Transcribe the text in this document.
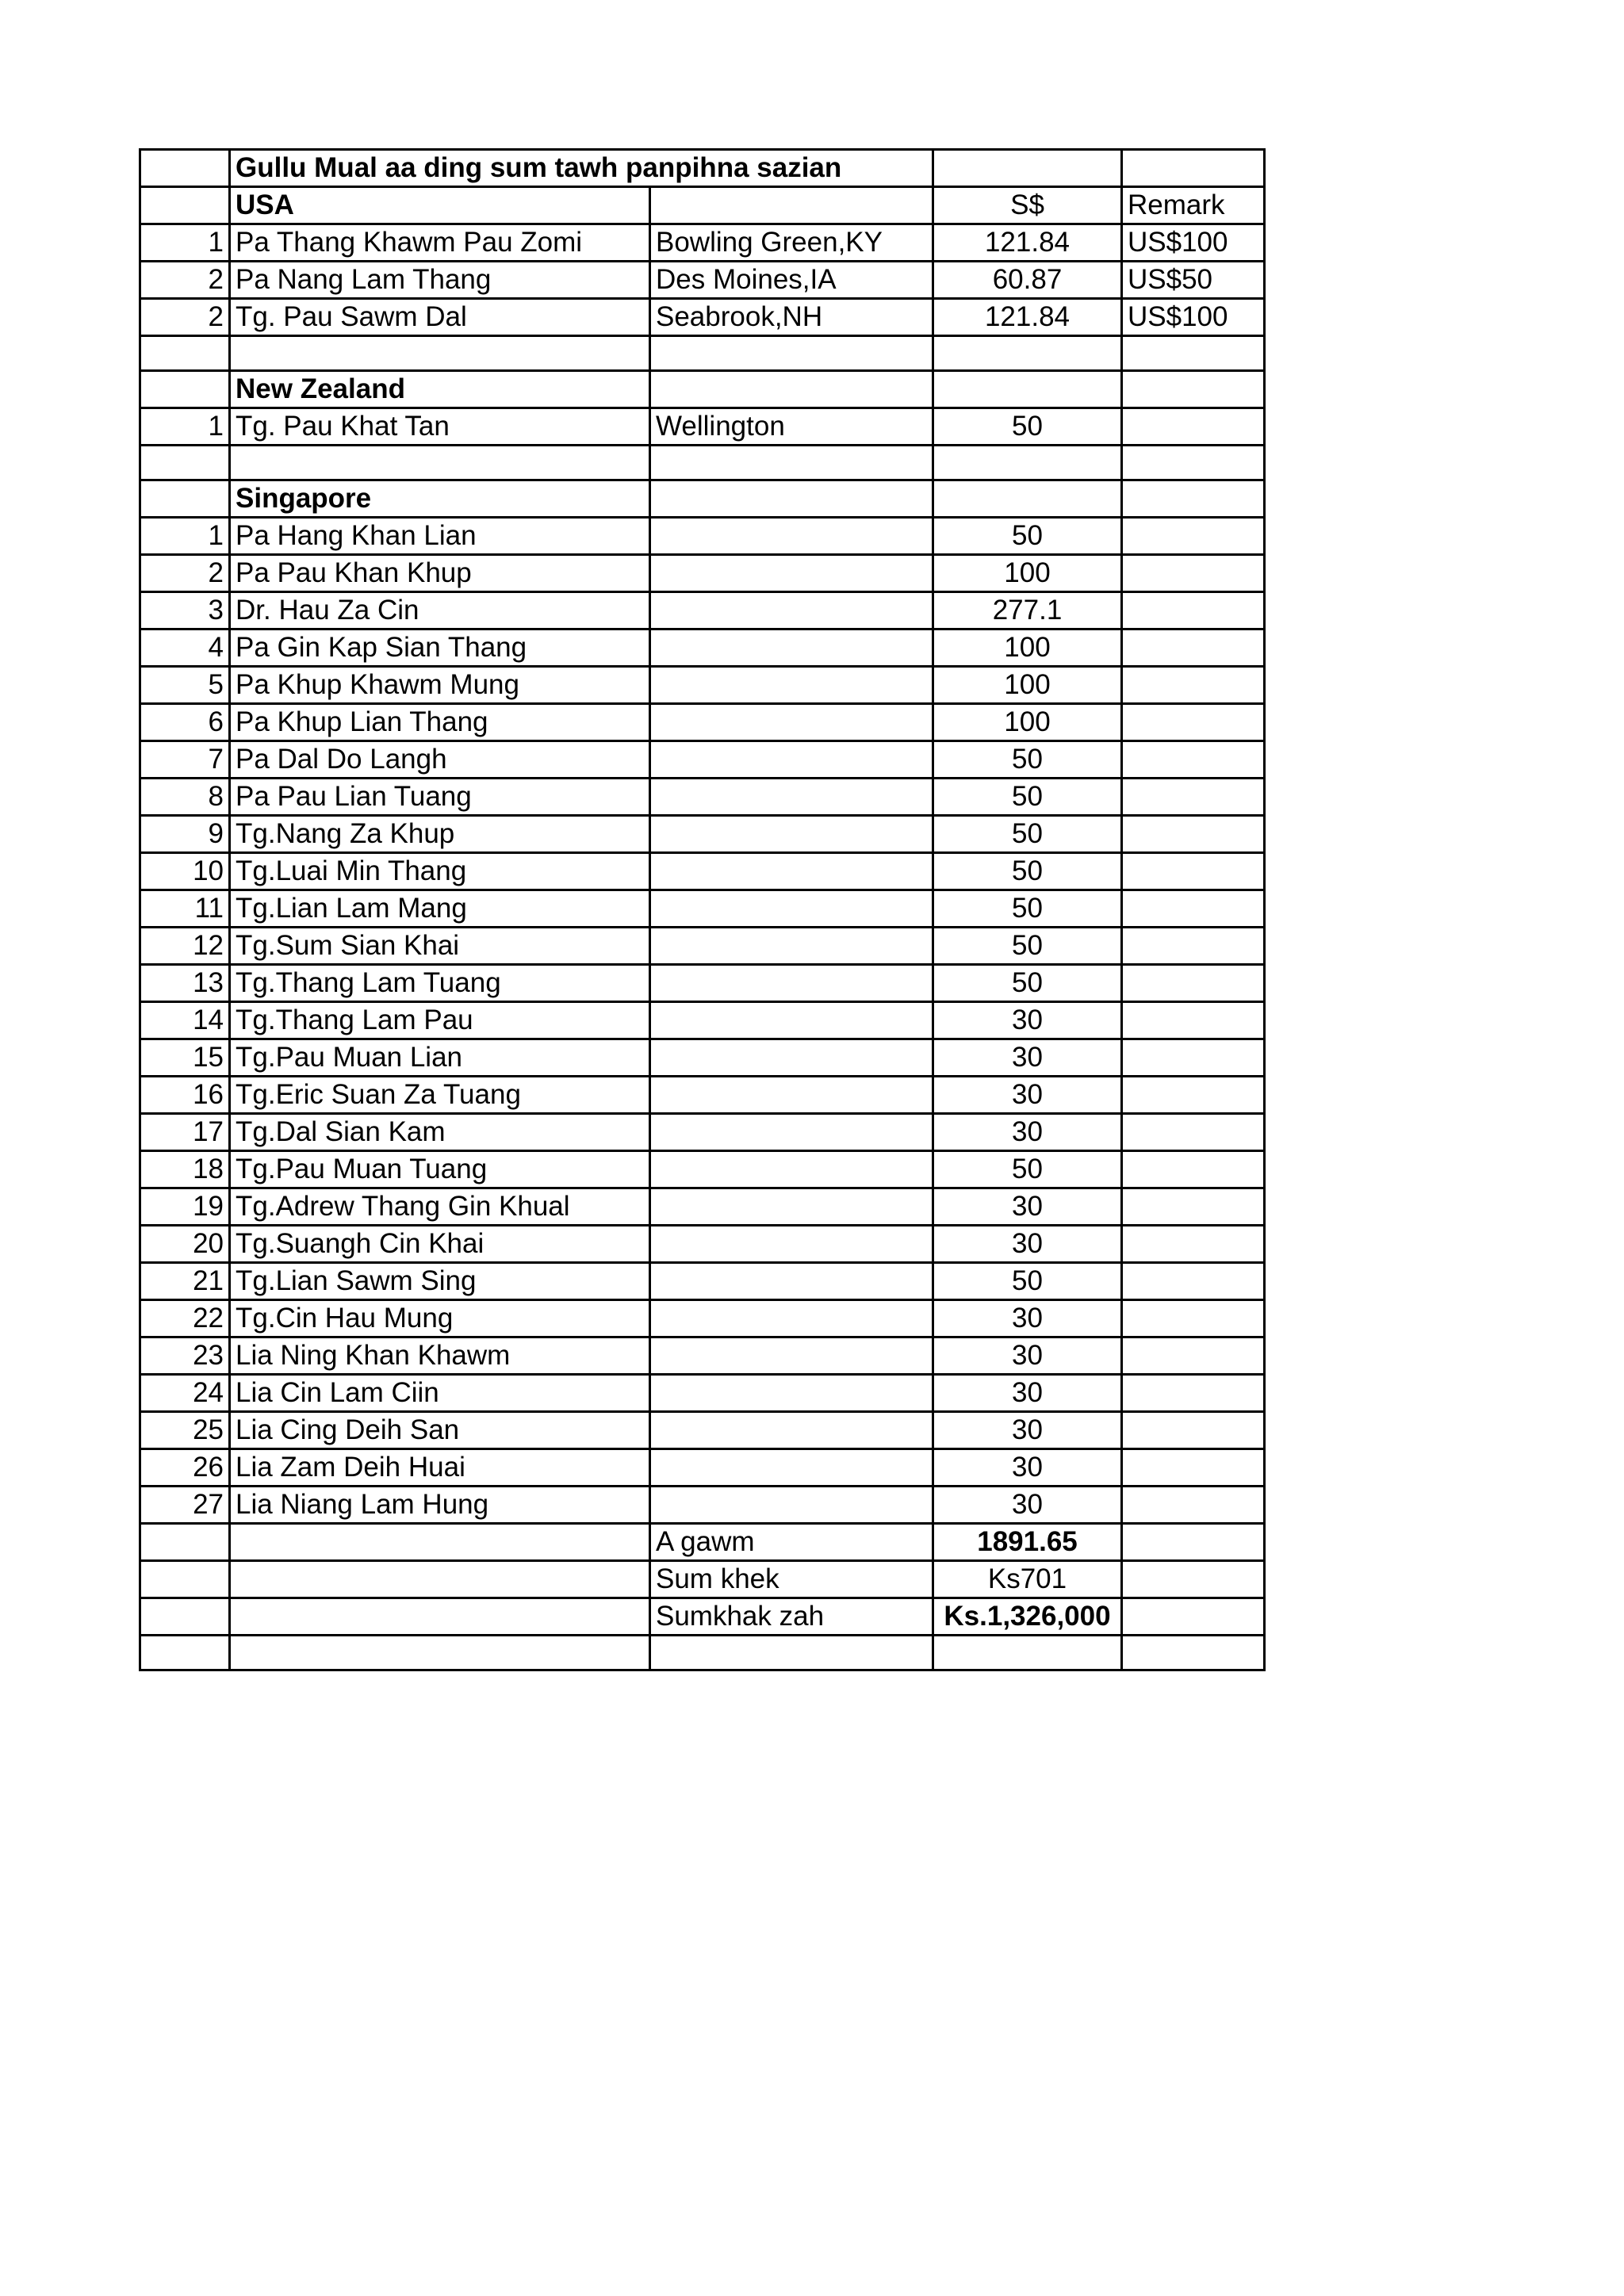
	Gullu Mual aa ding sum tawh panpihna sazian			
	USA		S$	Remark
1	Pa Thang Khawm Pau Zomi	Bowling Green,KY	121.84	US$100
2	Pa Nang Lam Thang	Des Moines,IA	60.87	US$50
2	Tg. Pau Sawm Dal	Seabrook,NH	121.84	US$100

	New Zealand			
1	Tg. Pau Khat Tan	Wellington	50	

	Singapore			
1	Pa Hang Khan Lian		50	
2	Pa Pau Khan Khup		100	
3	Dr. Hau Za Cin		277.1	
4	Pa Gin Kap Sian Thang		100	
5	Pa Khup Khawm Mung		100	
6	Pa Khup Lian Thang		100	
7	Pa Dal Do Langh		50	
8	Pa Pau Lian Tuang		50	
9	Tg.Nang Za Khup		50	
10	Tg.Luai Min Thang		50	
11	Tg.Lian Lam Mang		50	
12	Tg.Sum Sian Khai		50	
13	Tg.Thang Lam Tuang		50	
14	Tg.Thang Lam Pau		30	
15	Tg.Pau Muan Lian		30	
16	Tg.Eric Suan Za Tuang		30	
17	Tg.Dal Sian Kam		30	
18	Tg.Pau Muan Tuang		50	
19	Tg.Adrew Thang Gin Khual		30	
20	Tg.Suangh Cin Khai		30	
21	Tg.Lian Sawm Sing		50	
22	Tg.Cin Hau Mung		30	
23	Lia Ning Khan Khawm		30	
24	Lia Cin Lam Ciin		30	
25	Lia Cing Deih San		30	
26	Lia Zam Deih Huai		30	
27	Lia Niang Lam Hung		30	
		A gawm	1891.65	
		Sum khek	Ks701	
		Sumkhak zah	Ks.1,326,000	
